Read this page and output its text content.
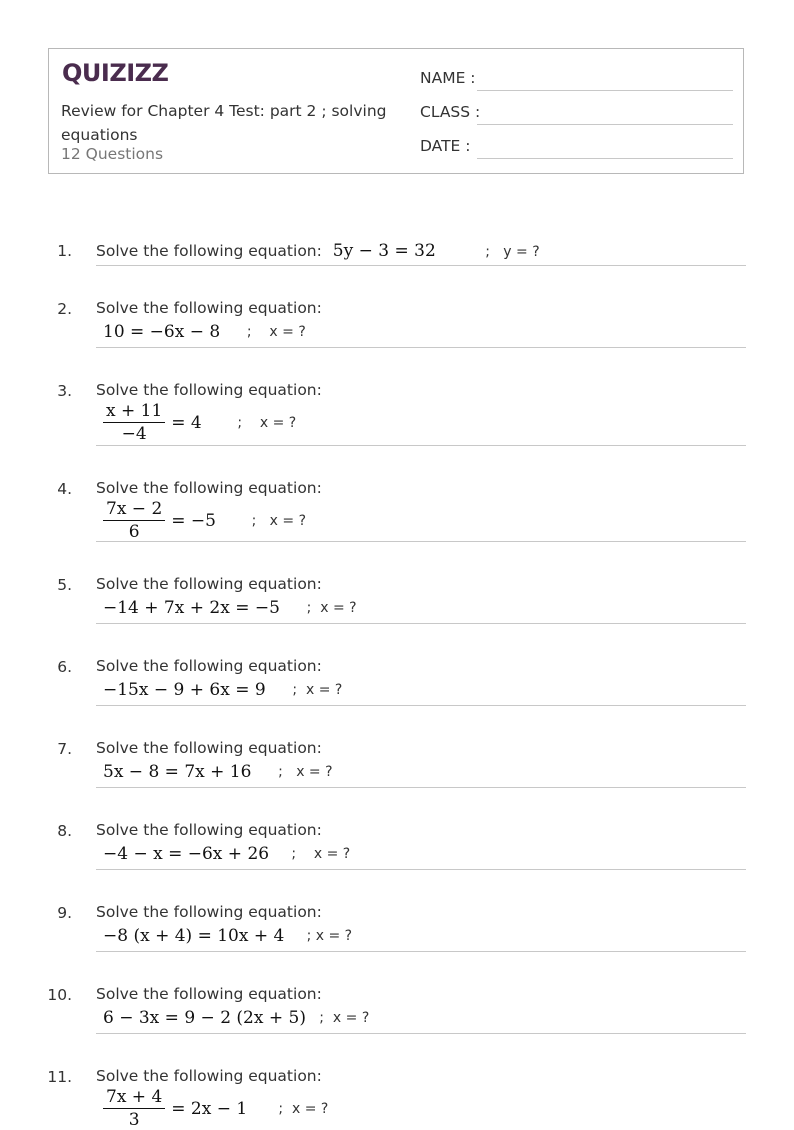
QUIZIZZ
Review for Chapter 4 Test: part 2 ; solving equations
12 Questions
NAME :
CLASS :
DATE :
1. Solve the following equation: 5y − 3 = 32           ;   y = ?
2. Solve the following equation:
10 = −6x − 8 ;    x = ?
3. Solve the following equation:
$\frac{x + 11}{-4} = 4$ ;    x = ?
4. Solve the following equation:
$\frac{7x - 2}{6} = -5$ ;   x = ?
5. Solve the following equation:
−14 + 7x + 2x = −5 ;  x = ?
6. Solve the following equation:
−15x − 9 + 6x = 9 ;  x = ?
7. Solve the following equation:
5x − 8 = 7x + 16 ;   x = ?
8. Solve the following equation:
−4 − x = −6x + 26 ;    x = ?
9. Solve the following equation:
−8 (x + 4) = 10x + 4 ; x = ?
10. Solve the following equation:
6 − 3x = 9 − 2 (2x + 5) ;  x = ?
11. Solve the following equation:
$\frac{7x + 4}{3} = 2x - 1$ ;  x = ?
